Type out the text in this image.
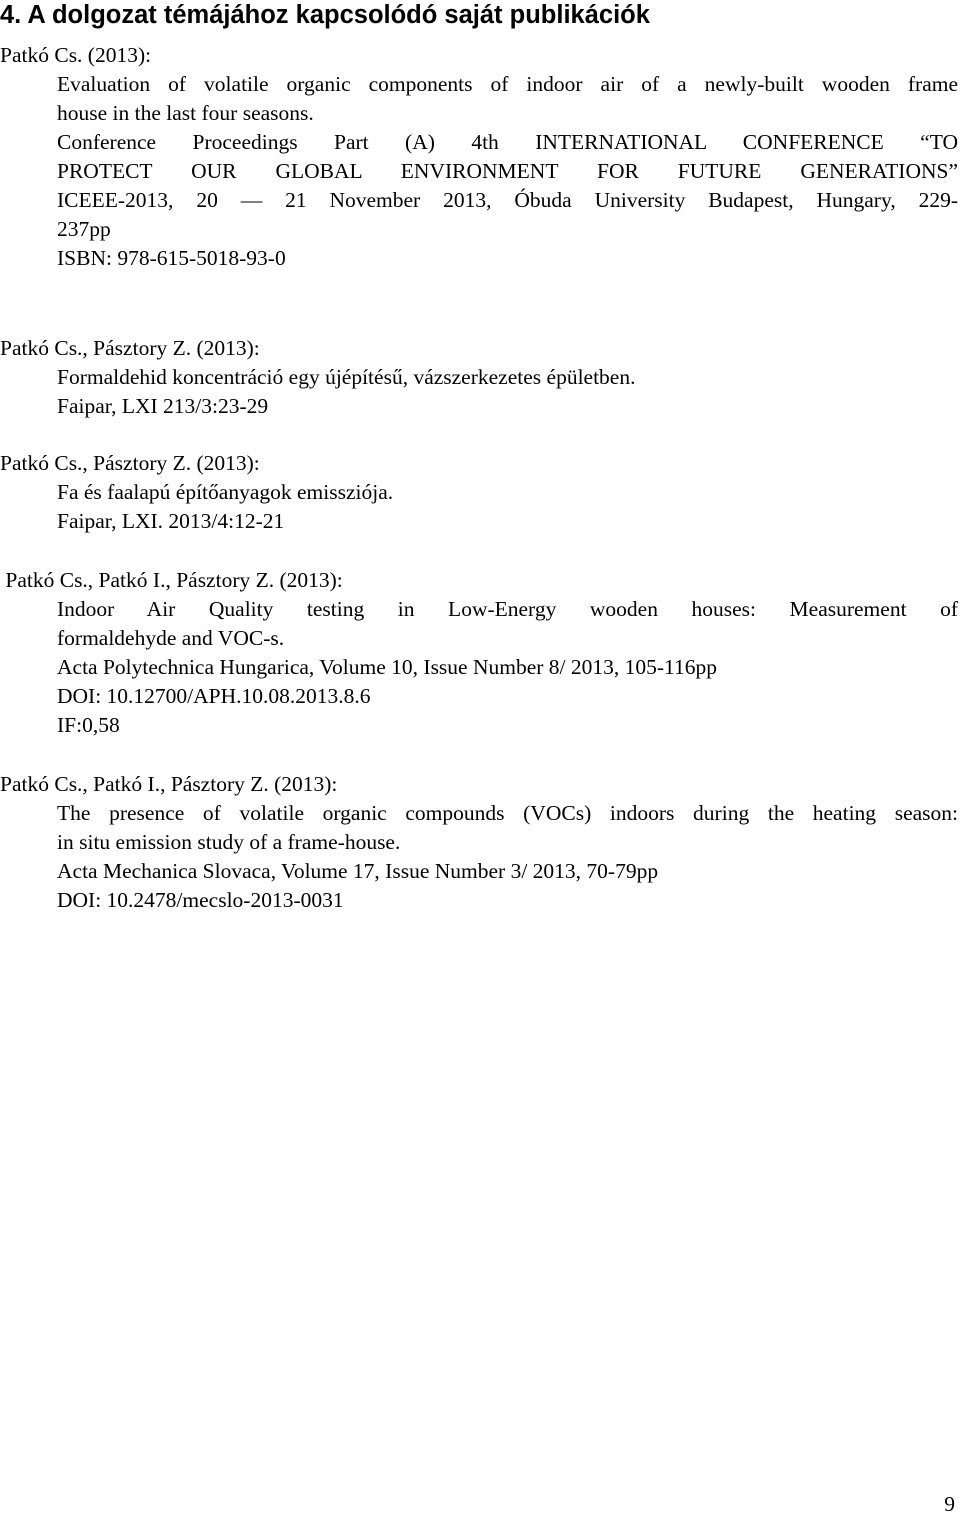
4. A dolgozat témájához kapcsolódó saját publikációk
Patkó Cs. (2013):
Evaluation of volatile organic components of indoor air of a newly-built wooden frame
house in the last four seasons.
Conference Proceedings Part (A) 4th INTERNATIONAL CONFERENCE “TO
PROTECT OUR GLOBAL ENVIRONMENT FOR FUTURE GENERATIONS”
ICEEE-2013, 20 ― 21 November 2013, Óbuda University Budapest, Hungary, 229-
237pp
ISBN: 978-615-5018-93-0
Patkó Cs., Pásztory Z. (2013):
Formaldehid koncentráció egy újépítésű, vázszerkezetes épületben.
Faipar, LXI 213/3:23-29
Patkó Cs., Pásztory Z. (2013):
Fa és faalapú építőanyagok emissziója.
Faipar, LXI. 2013/4:12-21
Patkó Cs., Patkó I., Pásztory Z. (2013):
Indoor Air Quality testing in Low-Energy wooden houses: Measurement of
formaldehyde and VOC-s.
Acta Polytechnica Hungarica, Volume 10, Issue Number 8/ 2013, 105-116pp
DOI: 10.12700/APH.10.08.2013.8.6
IF:0,58
Patkó Cs., Patkó I., Pásztory Z. (2013):
The presence of volatile organic compounds (VOCs) indoors during the heating season:
in situ emission study of a frame-house.
Acta Mechanica Slovaca, Volume 17, Issue Number 3/ 2013, 70-79pp
DOI: 10.2478/mecslo-2013-0031
9
